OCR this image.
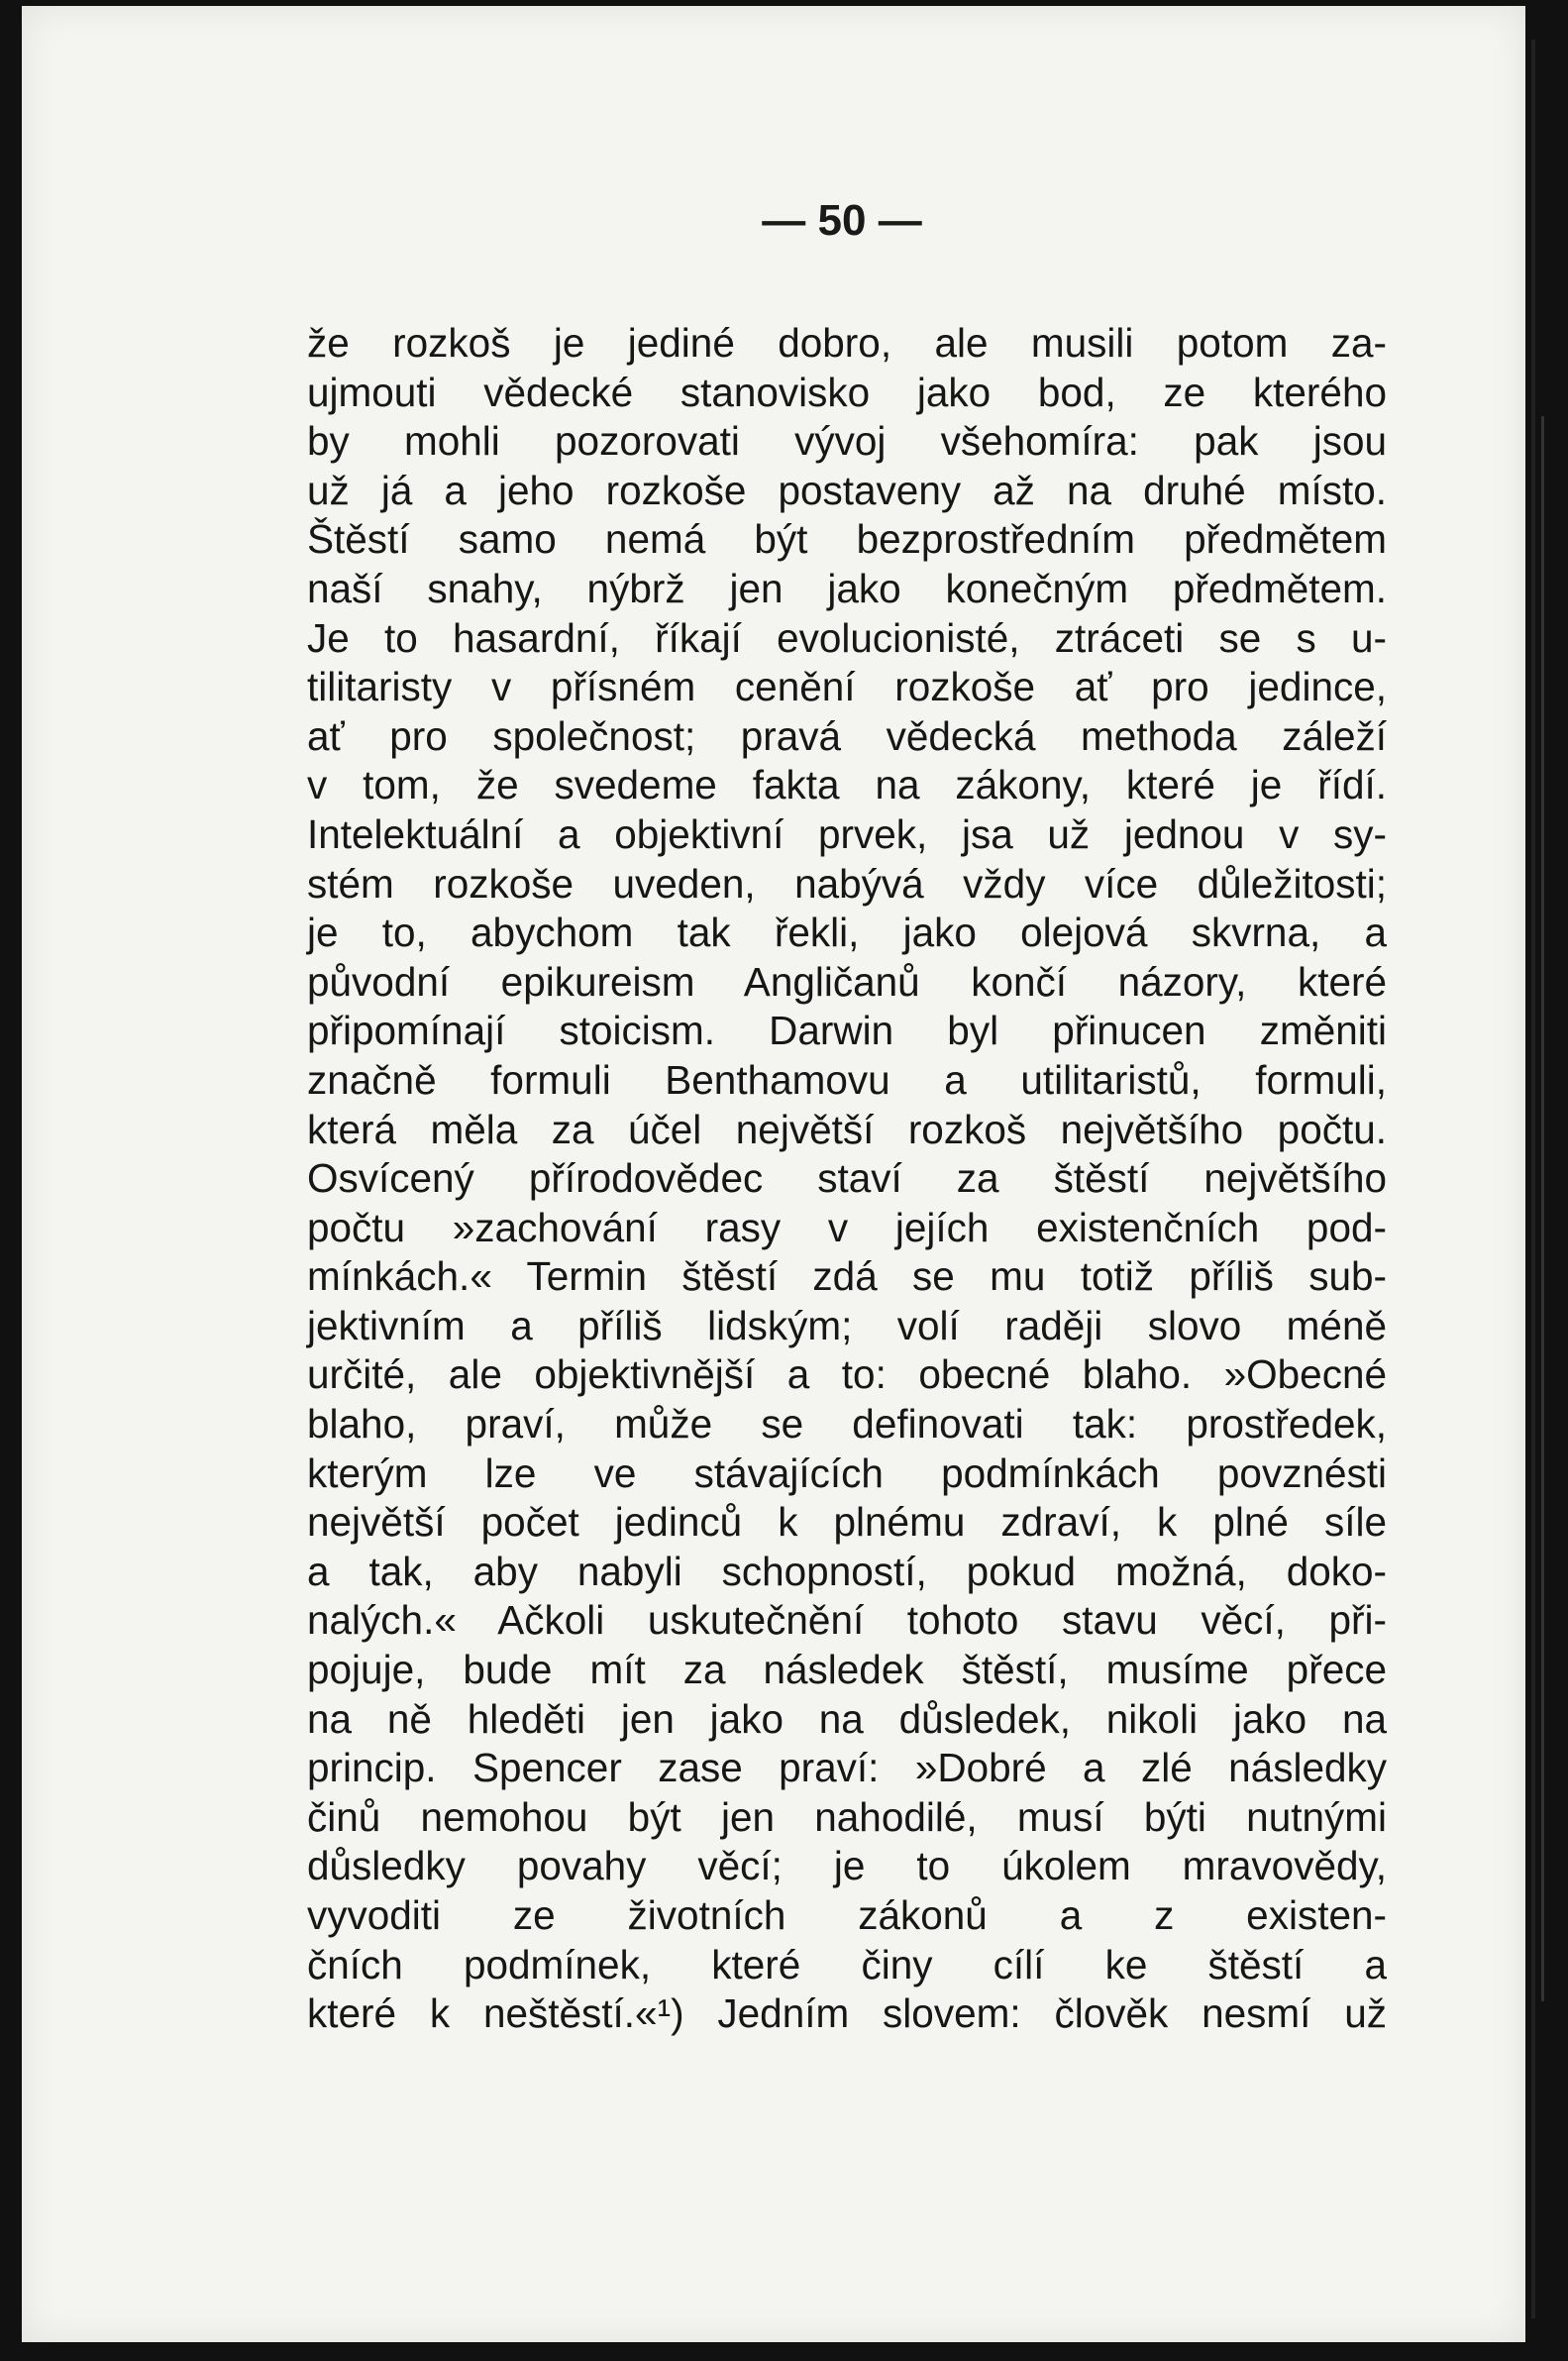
— 50 —
že rozkoš je jediné dobro, ale musili potom za-
ujmouti vědecké stanovisko jako bod, ze kterého
by mohli pozorovati vývoj všehomíra: pak jsou
už já a jeho rozkoše postaveny až na druhé místo.
Štěstí samo nemá být bezprostředním předmětem
naší snahy, nýbrž jen jako konečným předmětem.
Je to hasardní, říkají evolucionisté, ztráceti se s u-
tilitaristy v přísném cenění rozkoše ať pro jedince,
ať pro společnost; pravá vědecká methoda záleží
v tom, že svedeme fakta na zákony, které je řídí.
Intelektuální a objektivní prvek, jsa už jednou v sy-
stém rozkoše uveden, nabývá vždy více důležitosti;
je to, abychom tak řekli, jako olejová skvrna, a
původní epikureism Angličanů končí názory, které
připomínají stoicism. Darwin byl přinucen změniti
značně formuli Benthamovu a utilitaristů, formuli,
která měla za účel největší rozkoš největšího počtu.
Osvícený přírodovědec staví za štěstí největšího
počtu »zachování rasy v jejích existenčních pod-
mínkách.« Termin štěstí zdá se mu totiž příliš sub-
jektivním a příliš lidským; volí raději slovo méně
určité, ale objektivnější a to: obecné blaho. »Obecné
blaho, praví, může se definovati tak: prostředek,
kterým lze ve stávajících podmínkách povznésti
největší počet jedinců k plnému zdraví, k plné síle
a tak, aby nabyli schopností, pokud možná, doko-
nalých.« Ačkoli uskutečnění tohoto stavu věcí, při-
pojuje, bude mít za následek štěstí, musíme přece
na ně hleděti jen jako na důsledek, nikoli jako na
princip. Spencer zase praví: »Dobré a zlé následky
činů nemohou být jen nahodilé, musí býti nutnými
důsledky povahy věcí; je to úkolem mravovědy,
vyvoditi ze životních zákonů a z existen-
čních podmínek, které činy cílí ke štěstí a
které k neštěstí.«¹) Jedním slovem: člověk nesmí už
